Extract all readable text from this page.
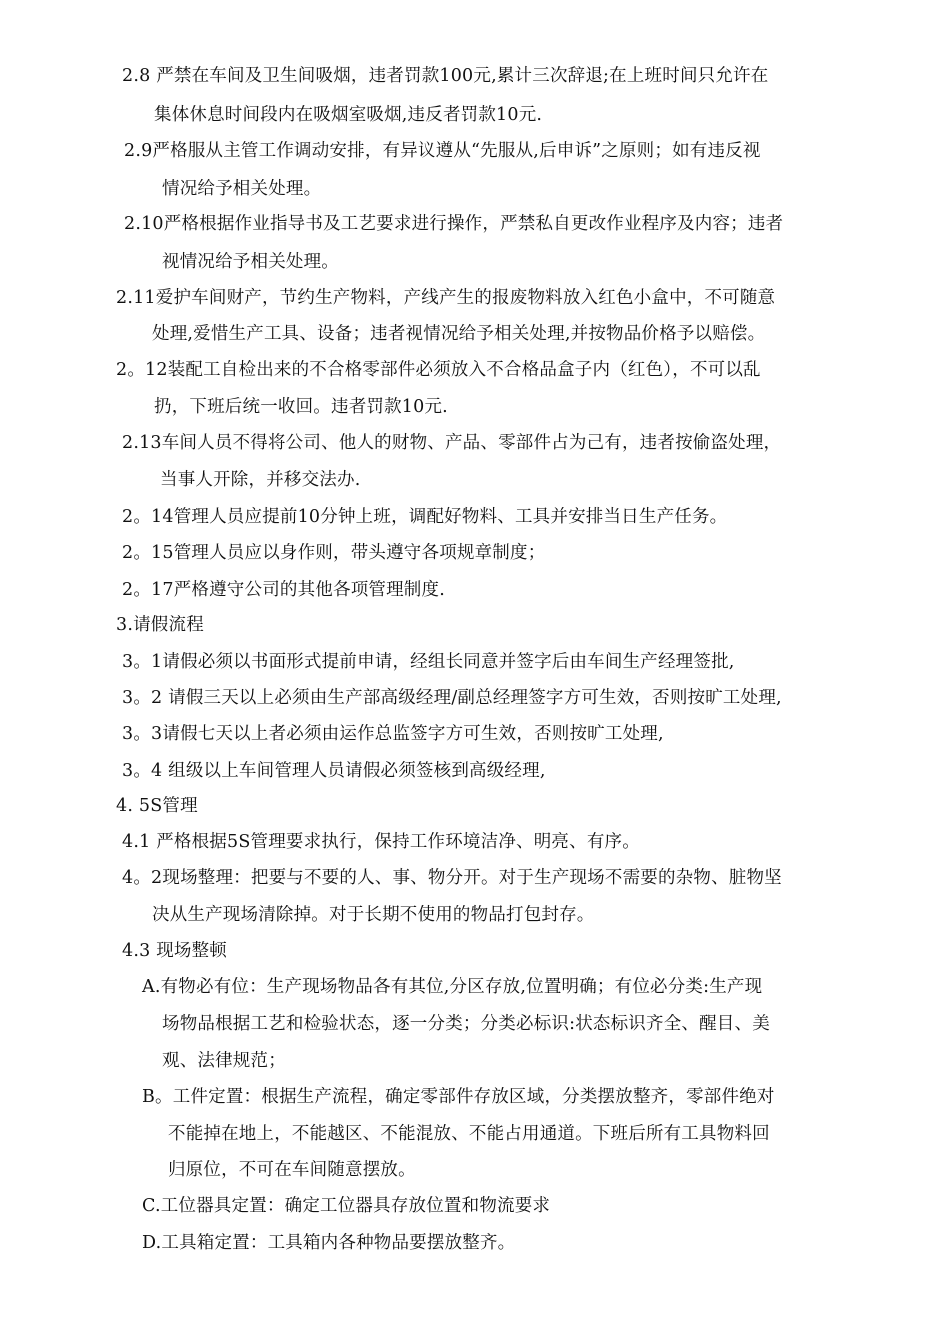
2.8 严禁在车间及卫生间吸烟，违者罚款100元,累计三次辞退;在上班时间只允许在
集体休息时间段内在吸烟室吸烟,违反者罚款10元.
2.9严格服从主管工作调动安排，有异议遵从“先服从,后申诉”之原则；如有违反视
情况给予相关处理。
2.10严格根据作业指导书及工艺要求进行操作，严禁私自更改作业程序及内容；违者
视情况给予相关处理。
2.11爱护车间财产，节约生产物料，产线产生的报废物料放入红色小盒中，不可随意
处理,爱惜生产工具、设备；违者视情况给予相关处理,并按物品价格予以赔偿。
2。12装配工自检出来的不合格零部件必须放入不合格品盒子内（红色），不可以乱
扔，下班后统一收回。违者罚款10元.
2.13车间人员不得将公司、他人的财物、产品、零部件占为己有，违者按偷盗处理，
当事人开除，并移交法办.
2。14管理人员应提前10分钟上班，调配好物料、工具并安排当日生产任务。
2。15管理人员应以身作则，带头遵守各项规章制度；
2。17严格遵守公司的其他各项管理制度.
3.请假流程
3。1请假必须以书面形式提前申请，经组长同意并签字后由车间生产经理签批,
3。2 请假三天以上必须由生产部高级经理/副总经理签字方可生效，否则按旷工处理,
3。3请假七天以上者必须由运作总监签字方可生效，否则按旷工处理,
3。4 组级以上车间管理人员请假必须签核到高级经理,
4. 5S管理
4.1 严格根据5S管理要求执行，保持工作环境洁净、明亮、有序。
4。2现场整理：把要与不要的人、事、物分开。对于生产现场不需要的杂物、脏物坚
决从生产现场清除掉。对于长期不使用的物品打包封存。
4.3 现场整顿
A.有物必有位：生产现场物品各有其位,分区存放,位置明确；有位必分类:生产现
场物品根据工艺和检验状态，逐一分类；分类必标识:状态标识齐全、醒目、美
观、法律规范；
B。工件定置：根据生产流程，确定零部件存放区域，分类摆放整齐，零部件绝对
不能掉在地上，不能越区、不能混放、不能占用通道。下班后所有工具物料回
归原位，不可在车间随意摆放。
C.工位器具定置：确定工位器具存放位置和物流要求
D.工具箱定置：工具箱内各种物品要摆放整齐。
